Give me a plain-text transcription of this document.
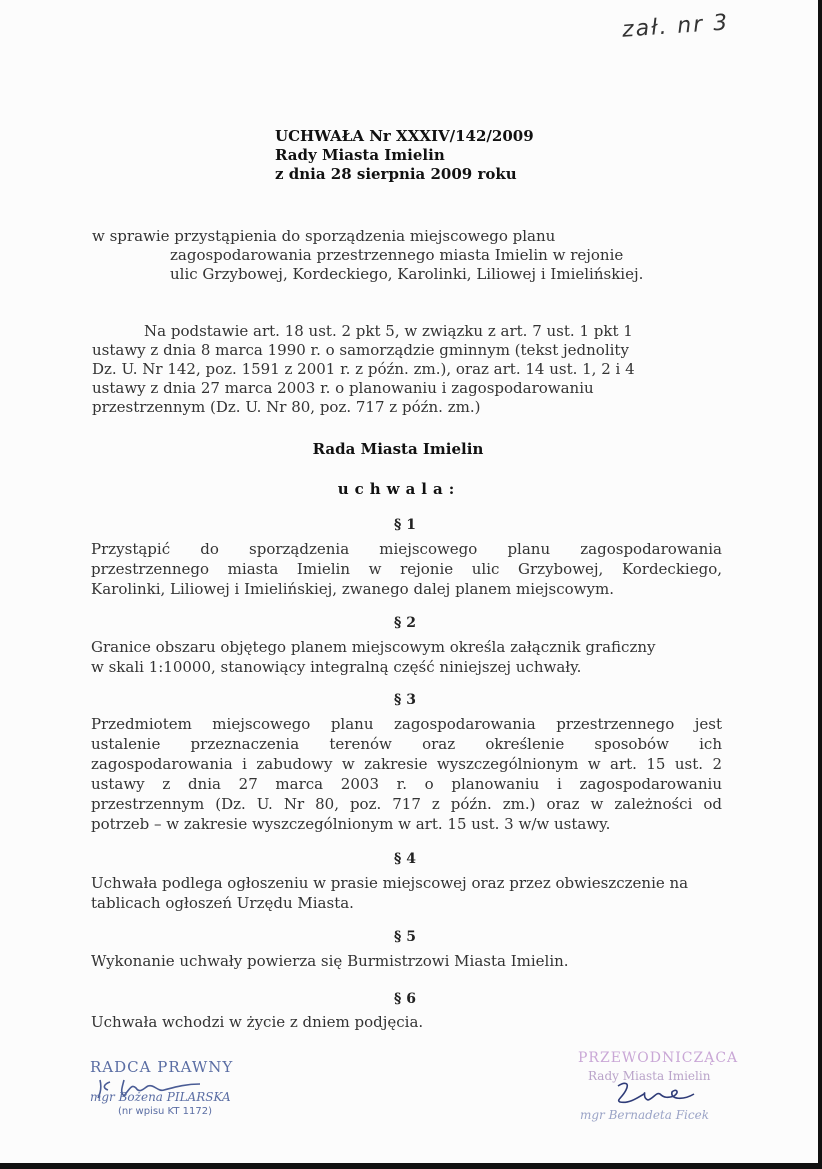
zał. nr 3
UCHWAŁA Nr XXXIV/142/2009
Rady Miasta Imielin
z dnia 28 sierpnia 2009 roku
w sprawie przystąpienia do sporządzenia miejscowego planu
zagospodarowania przestrzennego miasta Imielin w rejonie
ulic Grzybowej, Kordeckiego, Karolinki, Liliowej i Imielińskiej.
Na podstawie art. 18 ust. 2 pkt 5, w związku z art. 7 ust. 1 pkt 1
ustawy z dnia 8 marca 1990 r. o samorządzie gminnym (tekst jednolity
Dz. U. Nr 142, poz. 1591 z 2001 r. z późn. zm.), oraz art. 14 ust. 1, 2 i 4
ustawy z dnia 27 marca 2003 r. o planowaniu i zagospodarowaniu
przestrzennym (Dz. U. Nr 80, poz. 717 z późn. zm.)
Rada Miasta Imielin
uchwala:
§ 1
Przystąpić do sporządzenia miejscowego planu zagospodarowania
przestrzennego miasta Imielin w rejonie ulic Grzybowej, Kordeckiego,
Karolinki, Liliowej i Imielińskiej, zwanego dalej planem miejscowym.
§ 2
Granice obszaru objętego planem miejscowym określa załącznik graficzny
w skali 1:10000, stanowiący integralną część niniejszej uchwały.
§ 3
Przedmiotem miejscowego planu zagospodarowania przestrzennego jest
ustalenie przeznaczenia terenów oraz określenie sposobów ich
zagospodarowania i zabudowy w zakresie wyszczególnionym w art. 15 ust. 2
ustawy z dnia 27 marca 2003 r. o planowaniu i zagospodarowaniu
przestrzennym (Dz. U. Nr 80, poz. 717 z późn. zm.) oraz w zależności od
potrzeb – w zakresie wyszczególnionym w art. 15 ust. 3 w/w ustawy.
§ 4
Uchwała podlega ogłoszeniu w prasie miejscowej oraz przez obwieszczenie na
tablicach ogłoszeń Urzędu Miasta.
§ 5
Wykonanie uchwały powierza się Burmistrzowi Miasta Imielin.
§ 6
Uchwała wchodzi w życie z dniem podjęcia.
RADCA PRAWNY
mgr Bożena PILARSKA
(nr wpisu KT 1172)
PRZEWODNICZĄCA
Rady Miasta Imielin
mgr Bernadeta Ficek
